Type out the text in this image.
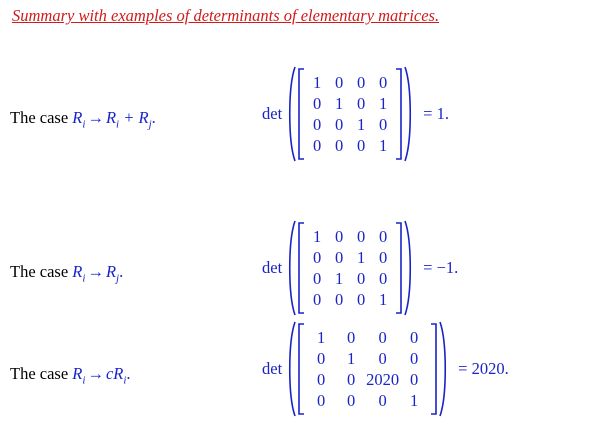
Summary with examples of determinants of elementary matrices.
The case $R_i \to R_i + R_j$.	det
1	0	0	0
0	1	0	1
0	0	1	0
0	0	0	1
= 1.
The case $R_i \to R_j$.	det
1	0	0	0
0	0	1	0
0	1	0	0
0	0	0	1
= −1.
The case $R_i \to cR_i$.	det
1	0	0	0
0	1	0	0
0	0	2020	0
0	0	0	1
= 2020.
